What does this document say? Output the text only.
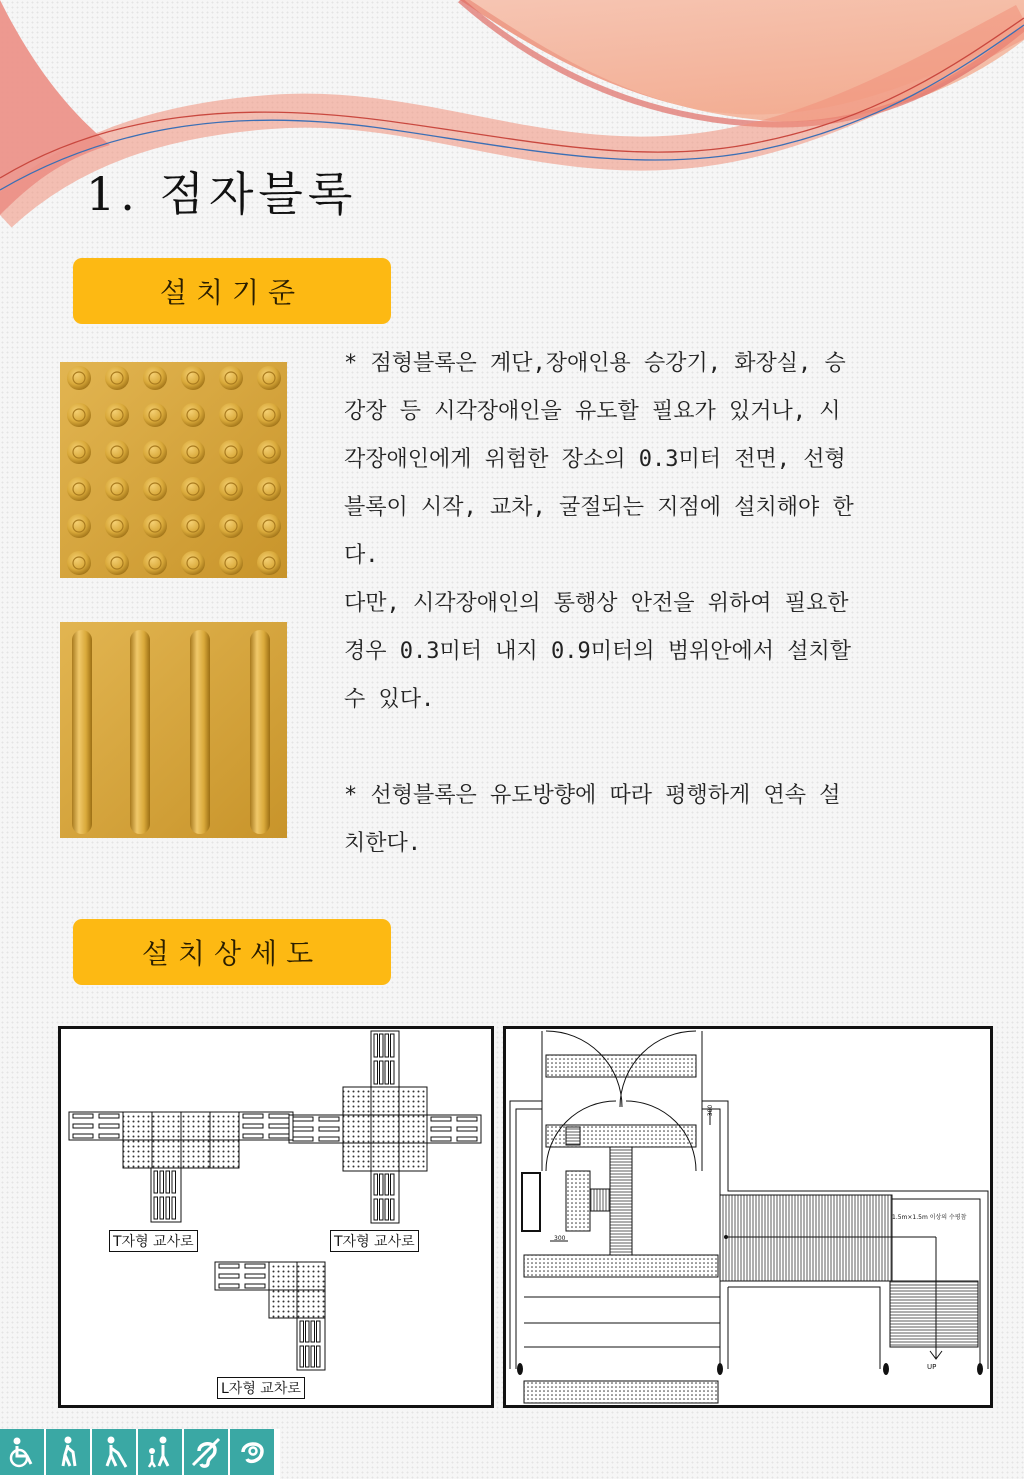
1. 점자블록
설치기준

* 점형블록은 계단,장애인용 승강기, 화장실, 승

강장 등 시각장애인을 유도할 필요가 있거나, 시

각장애인에게 위험한 장소의 0.3미터 전면, 선형

블록이 시작, 교차, 굴절되는 지점에 설치해야 한

다.

다만, 시각장애인의 통행상 안전을 위하여 필요한

경우 0.3미터 내지 0.9미터의 범위안에서 설치할

수 있다.

* 선형블록은 유도방향에 따라 평행하게 연속 설

치한다.

설치상세도
T자형 교사로	T자형 교사로
L자형 교차로
1.5m×1.5m 이상의 수평참
300
300
UP
